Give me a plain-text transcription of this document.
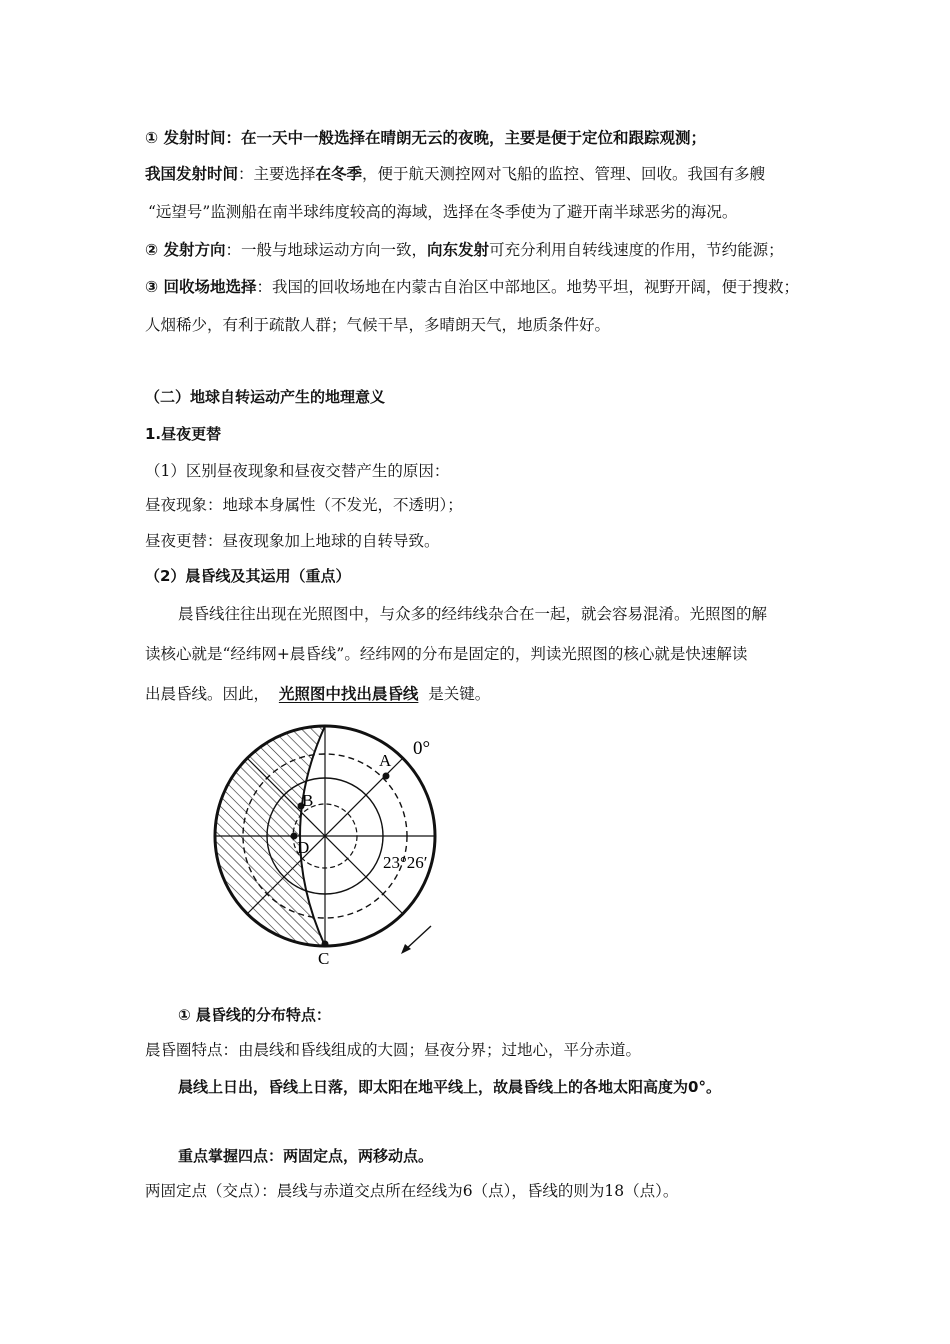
① 发射时间：在一天中一般选择在晴朗无云的夜晚，主要是便于定位和跟踪观测；
我国发射时间：主要选择在冬季，便于航天测控网对飞船的监控、管理、回收。我国有多艘
“远望号”监测船在南半球纬度较高的海域，选择在冬季使为了避开南半球恶劣的海况。
② 发射方向：一般与地球运动方向一致，向东发射可充分利用自转线速度的作用，节约能源；
③ 回收场地选择：我国的回收场地在内蒙古自治区中部地区。地势平坦，视野开阔，便于搜救；
人烟稀少，有利于疏散人群；气候干旱，多晴朗天气，地质条件好。
（二）地球自转运动产生的地理意义
1.昼夜更替
（1）区别昼夜现象和昼夜交替产生的原因：
昼夜现象：地球本身属性（不发光，不透明）；
昼夜更替：昼夜现象加上地球的自转导致。
（2）晨昏线及其运用（重点）
晨昏线往往出现在光照图中，与众多的经纬线杂合在一起，就会容易混淆。光照图的解
读核心就是“经纬网+晨昏线”。经纬网的分布是固定的，判读光照图的核心就是快速解读
出晨昏线。因此， 光照图中找出晨昏线 是关键。
A
B
D
C
0°
23°26′
① 晨昏线的分布特点：
晨昏圈特点：由晨线和昏线组成的大圆；昼夜分界；过地心，平分赤道。
晨线上日出，昏线上日落，即太阳在地平线上，故晨昏线上的各地太阳高度为0°。
重点掌握四点：两固定点，两移动点。
两固定点（交点）：晨线与赤道交点所在经线为6（点），昏线的则为18（点）。
